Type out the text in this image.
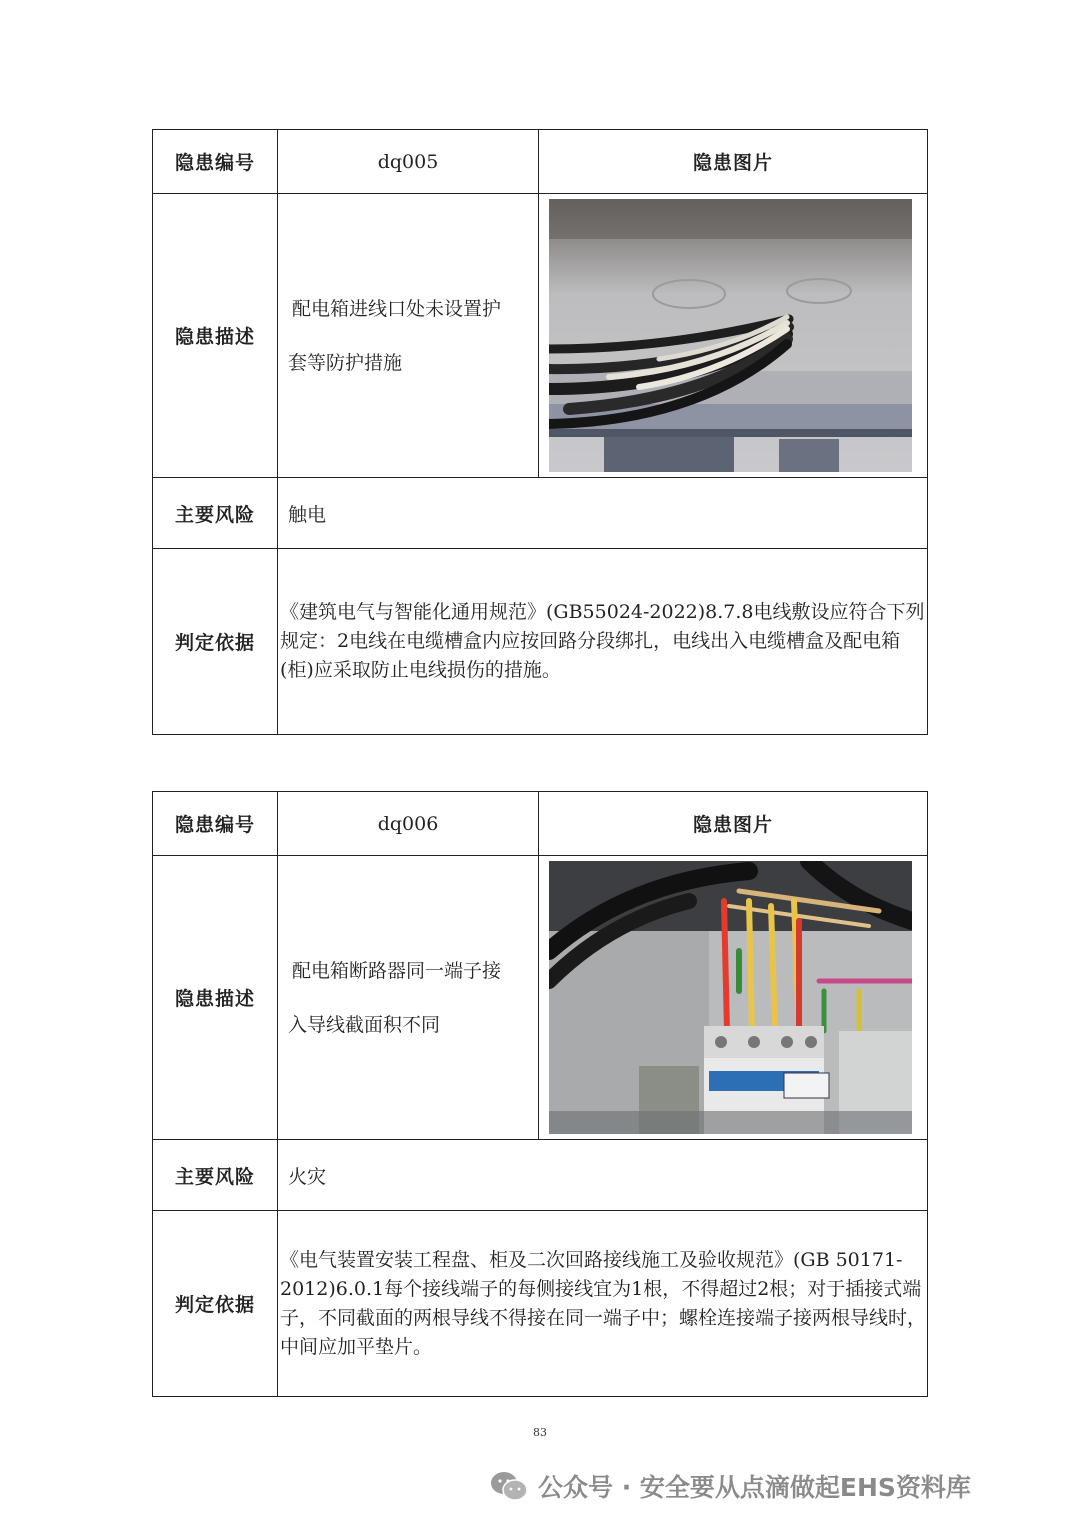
隐患编号	dq005	隐患图片
隐患描述	配电箱进线口处未设置护
套等防护措施

主要风险	触电	
判定依据	《建筑电气与智能化通用规范》(GB55024-2022)8.7.8电线敷设应符合下列规定：2电线在电缆槽盒内应按回路分段绑扎，电线出入电缆槽盒及配电箱(柜)应采取防止电线损伤的措施。	
隐患编号	dq006	隐患图片
隐患描述	配电箱断路器同一端子接
入导线截面积不同

主要风险	火灾	
判定依据	《电气装置安装工程盘、柜及二次回路接线施工及验收规范》(GB 50171-2012)6.0.1每个接线端子的每侧接线宜为1根，不得超过2根；对于插接式端子，不同截面的两根导线不得接在同一端子中；螺栓连接端子接两根导线时，中间应加平垫片。	
83
公众号 · 安全要从点滴做起EHS资料库
